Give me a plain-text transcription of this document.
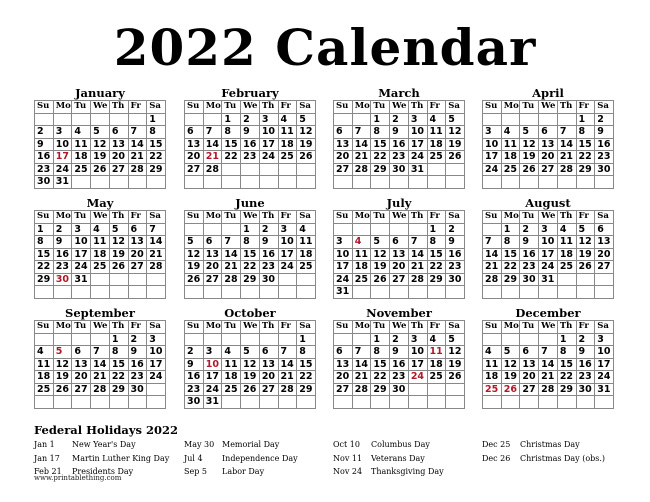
2022 Calendar
January
Su	Mo	Tu	We	Th	Fr	Sa
						1
2	3	4	5	6	7	8
9	10	11	12	13	14	15
16	17	18	19	20	21	22
23	24	25	26	27	28	29
30	31					
February
Su	Mo	Tu	We	Th	Fr	Sa
		1	2	3	4	5
6	7	8	9	10	11	12
13	14	15	16	17	18	19
20	21	22	23	24	25	26
27	28					

March
Su	Mo	Tu	We	Th	Fr	Sa
		1	2	3	4	5
6	7	8	9	10	11	12
13	14	15	16	17	18	19
20	21	22	23	24	25	26
27	28	29	30	31		

April
Su	Mo	Tu	We	Th	Fr	Sa
					1	2
3	4	5	6	7	8	9
10	11	12	13	14	15	16
17	18	19	20	21	22	23
24	25	26	27	28	29	30

May
Su	Mo	Tu	We	Th	Fr	Sa
1	2	3	4	5	6	7
8	9	10	11	12	13	14
15	16	17	18	19	20	21
22	23	24	25	26	27	28
29	30	31				

June
Su	Mo	Tu	We	Th	Fr	Sa
			1	2	3	4
5	6	7	8	9	10	11
12	13	14	15	16	17	18
19	20	21	22	23	24	25
26	27	28	29	30		

July
Su	Mo	Tu	We	Th	Fr	Sa
					1	2
3	4	5	6	7	8	9
10	11	12	13	14	15	16
17	18	19	20	21	22	23
24	25	26	27	28	29	30
31						
August
Su	Mo	Tu	We	Th	Fr	Sa
	1	2	3	4	5	6
7	8	9	10	11	12	13
14	15	16	17	18	19	20
21	22	23	24	25	26	27
28	29	30	31			

September
Su	Mo	Tu	We	Th	Fr	Sa
				1	2	3
4	5	6	7	8	9	10
11	12	13	14	15	16	17
18	19	20	21	22	23	24
25	26	27	28	29	30	

October
Su	Mo	Tu	We	Th	Fr	Sa
						1
2	3	4	5	6	7	8
9	10	11	12	13	14	15
16	17	18	19	20	21	22
23	24	25	26	27	28	29
30	31					
November
Su	Mo	Tu	We	Th	Fr	Sa
		1	2	3	4	5
6	7	8	9	10	11	12
13	14	15	16	17	18	19
20	21	22	23	24	25	26
27	28	29	30			

December
Su	Mo	Tu	We	Th	Fr	Sa
				1	2	3
4	5	6	7	8	9	10
11	12	13	14	15	16	17
18	19	20	21	22	23	24
25	26	27	28	29	30	31

Federal Holidays 2022
Jan 1 New Year's Day
Jan 17 Martin Luther King Day
Feb 21 Presidents Day
May 30 Memorial Day
Jul 4 Independence Day
Sep 5 Labor Day
Oct 10 Columbus Day
Nov 11 Veterans Day
Nov 24 Thanksgiving Day
Dec 25 Christmas Day
Dec 26 Christmas Day (obs.)
www.printablething.com
